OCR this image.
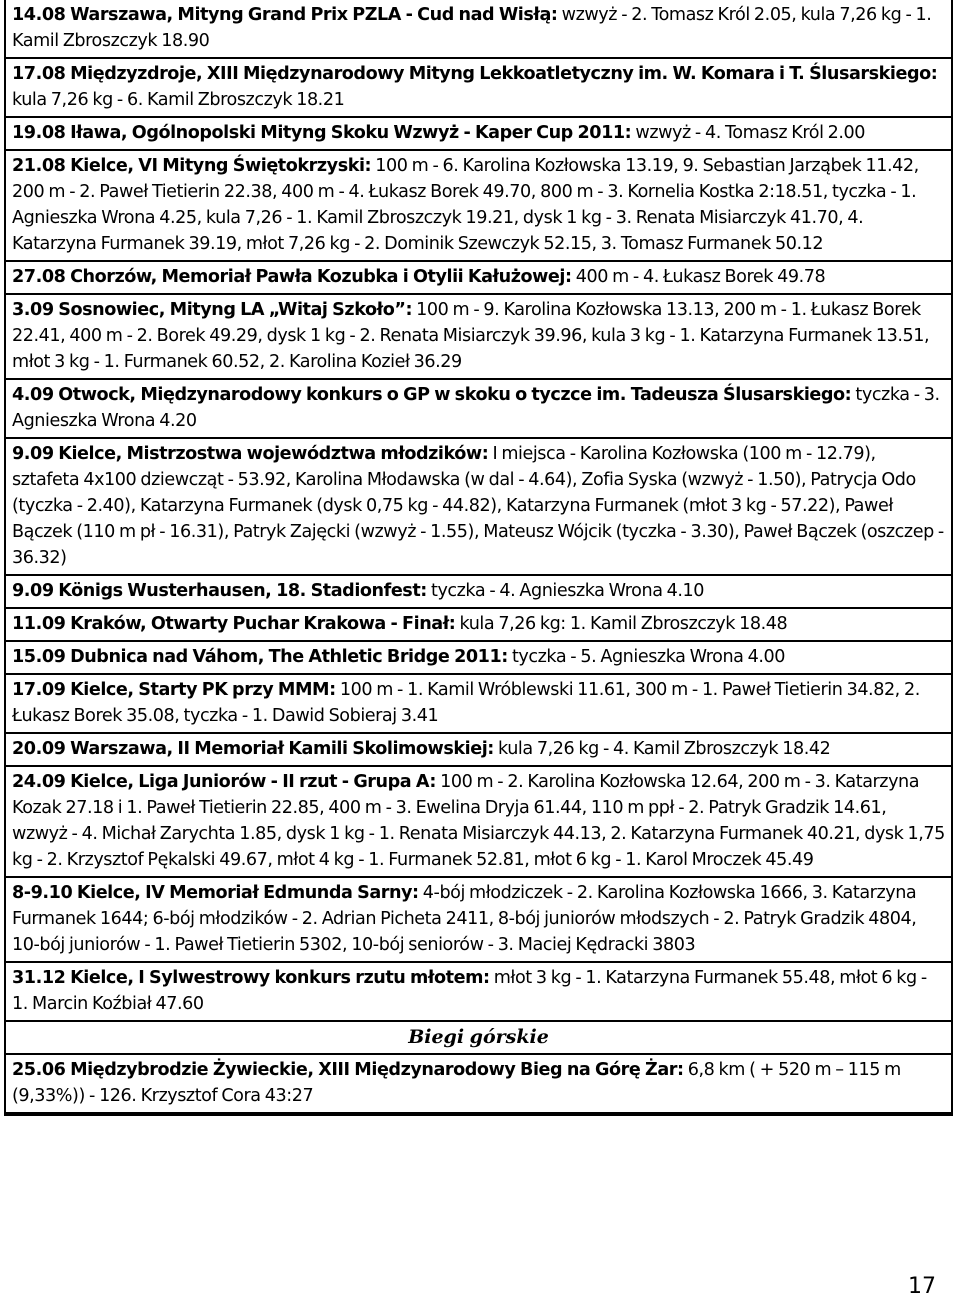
14.08 Warszawa, Mityng Grand Prix PZLA - Cud nad Wisłą: wzwyż - 2. Tomasz Król 2.05, kula 7,26 kg - 1. Kamil Zbroszczyk 18.90
17.08 Międzyzdroje, XIII Międzynarodowy Mityng Lekkoatletyczny im. W. Komara i T. Ślusarskiego: kula 7,26 kg - 6. Kamil Zbroszczyk 18.21
19.08 Iława, Ogólnopolski Mityng Skoku Wzwyż - Kaper Cup 2011: wzwyż - 4. Tomasz Król 2.00
21.08 Kielce, VI Mityng Świętokrzyski: 100 m - 6. Karolina Kozłowska 13.19, 9. Sebastian Jarząbek 11.42, 200 m - 2. Paweł Tietierin 22.38, 400 m - 4. Łukasz Borek 49.70, 800 m - 3. Kornelia Kostka 2:18.51, tyczka - 1. Agnieszka Wrona 4.25, kula 7,26 - 1. Kamil Zbroszczyk 19.21, dysk 1 kg - 3. Renata Misiarczyk 41.70, 4. Katarzyna Furmanek 39.19, młot 7,26 kg - 2. Dominik Szewczyk 52.15, 3. Tomasz Furmanek 50.12
27.08 Chorzów, Memoriał Pawła Kozubka i Otylii Kałużowej: 400 m - 4. Łukasz Borek 49.78
3.09 Sosnowiec, Mityng LA „Witaj Szkoło”: 100 m - 9. Karolina Kozłowska 13.13, 200 m - 1. Łukasz Borek 22.41, 400 m - 2. Borek 49.29, dysk 1 kg - 2. Renata Misiarczyk 39.96, kula 3 kg - 1. Katarzyna Furmanek 13.51, młot 3 kg - 1. Furmanek 60.52, 2. Karolina Kozieł 36.29
4.09 Otwock, Międzynarodowy konkurs o GP w skoku o tyczce im. Tadeusza Ślusarskiego: tyczka - 3. Agnieszka Wrona 4.20
9.09 Kielce, Mistrzostwa województwa młodzików: I miejsca - Karolina Kozłowska (100 m - 12.79), sztafeta 4x100 dziewcząt - 53.92, Karolina Młodawska (w dal - 4.64), Zofia Syska (wzwyż - 1.50), Patrycja Odo (tyczka - 2.40), Katarzyna Furmanek (dysk 0,75 kg - 44.82), Katarzyna Furmanek (młot 3 kg - 57.22), Paweł Bączek (110 m pł - 16.31), Patryk Zajęcki (wzwyż - 1.55), Mateusz Wójcik (tyczka - 3.30), Paweł Bączek (oszczep - 36.32)
9.09 Königs Wusterhausen, 18. Stadionfest: tyczka - 4. Agnieszka Wrona 4.10
11.09 Kraków, Otwarty Puchar Krakowa - Finał: kula 7,26 kg: 1. Kamil Zbroszczyk 18.48
15.09 Dubnica nad Váhom, The Athletic Bridge 2011: tyczka - 5. Agnieszka Wrona 4.00
17.09 Kielce, Starty PK przy MMM: 100 m - 1. Kamil Wróblewski 11.61, 300 m - 1. Paweł Tietierin 34.82, 2. Łukasz Borek 35.08, tyczka - 1. Dawid Sobieraj 3.41
20.09 Warszawa, II Memoriał Kamili Skolimowskiej: kula 7,26 kg - 4. Kamil Zbroszczyk 18.42
24.09 Kielce, Liga Juniorów - II rzut - Grupa A: 100 m - 2. Karolina Kozłowska 12.64, 200 m - 3. Katarzyna Kozak 27.18 i 1. Paweł Tietierin 22.85, 400 m - 3. Ewelina Dryja 61.44, 110 m ppł - 2. Patryk Gradzik 14.61, wzwyż - 4. Michał Zarychta 1.85, dysk 1 kg - 1. Renata Misiarczyk 44.13, 2. Katarzyna Furmanek 40.21, dysk 1,75 kg - 2. Krzysztof Pękalski 49.67, młot 4 kg - 1. Furmanek 52.81, młot 6 kg - 1. Karol Mroczek 45.49
8-9.10 Kielce, IV Memoriał Edmunda Sarny: 4-bój młodziczek - 2. Karolina Kozłowska 1666, 3. Katarzyna Furmanek 1644; 6-bój młodzików - 2. Adrian Picheta 2411, 8-bój juniorów młodszych - 2. Patryk Gradzik 4804, 10-bój juniorów - 1. Paweł Tietierin 5302, 10-bój seniorów - 3. Maciej Kędracki 3803
31.12 Kielce, I Sylwestrowy konkurs rzutu młotem: młot 3 kg - 1. Katarzyna Furmanek 55.48, młot 6 kg - 1. Marcin Koźbiał 47.60
Biegi górskie
25.06 Międzybrodzie Żywieckie, XIII Międzynarodowy Bieg na Górę Żar: 6,8 km ( + 520 m – 115 m (9,33%)) - 126. Krzysztof Cora 43:27
17
